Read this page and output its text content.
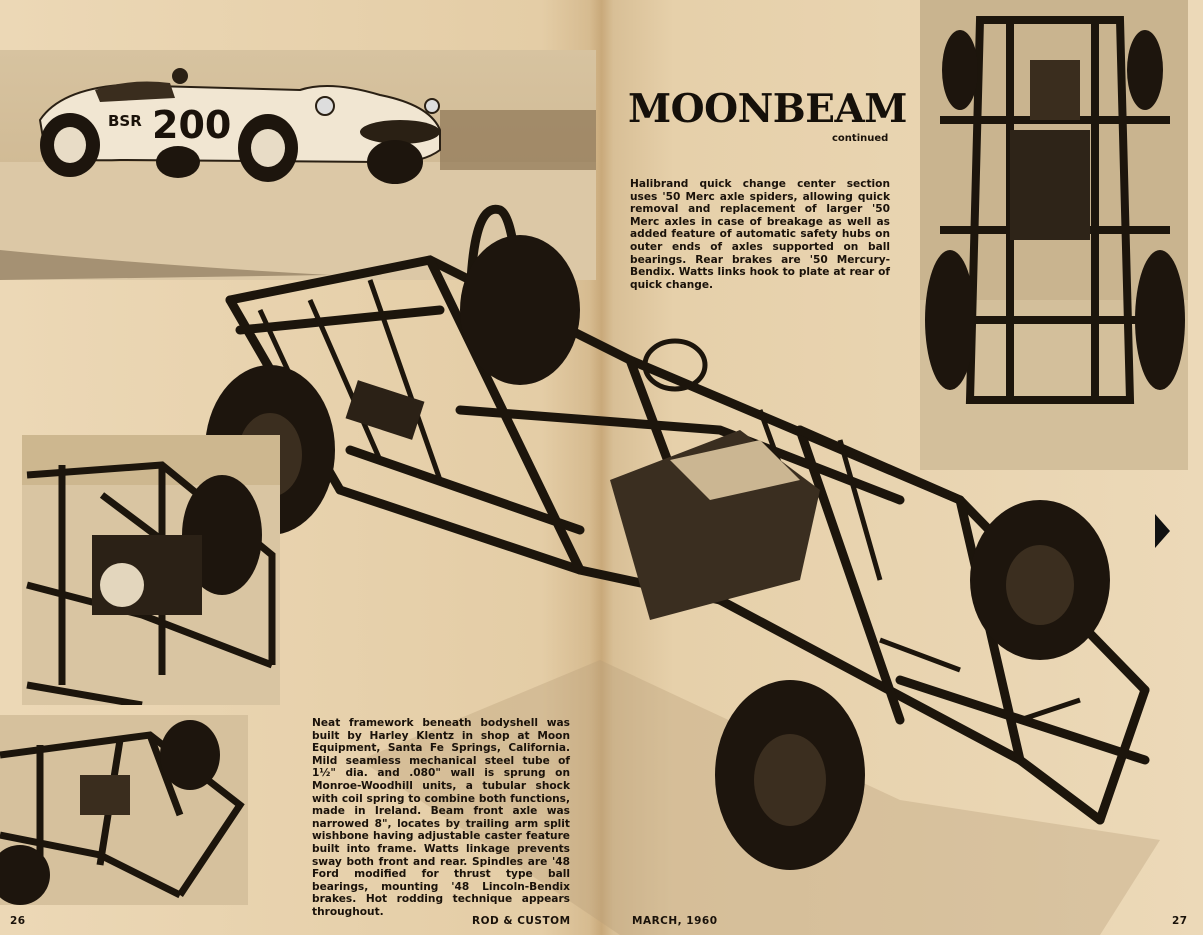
BSR 200	MOONBEAM

continued

Halibrand quick change center section uses '50 Merc axle spiders, allowing quick removal and replacement of larger '50 Merc axles in case of breakage as well as added feature of automatic safety hubs on outer ends of axles supported on ball bearings. Rear brakes are '50 Mercury-Bendix. Watts links hook to plate at rear of quick change.

Neat framework beneath bodyshell was built by Harley Klentz in shop at Moon Equipment, Santa Fe Springs, California. Mild seamless mechanical steel tube of 1½" dia. and .080" wall is sprung on Monroe-Woodhill units, a tubular shock with coil spring to combine both functions, made in Ireland. Beam front axle was narrowed 8", locates by trailing arm split wishbone having adjustable caster feature built into frame. Watts linkage prevents sway both front and rear. Spindles are '48 Ford modified for thrust type ball bearings, mounting '48 Lincoln-Bendix brakes. Hot rodding technique appears throughout.

26	ROD & CUSTOM	MARCH, 1960	27
